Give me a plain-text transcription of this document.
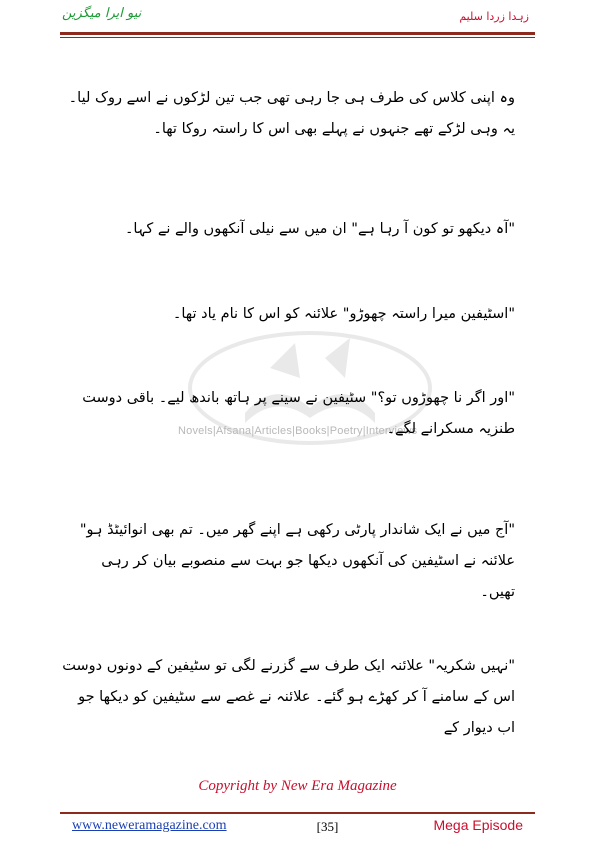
نیو ایرا میگزین	زہدا زردا سلیم
Novels|Afsana|Articles|Books|Poetry|Interviews
وہ اپنی کلاس کی طرف ہی جا رہی تھی جب تین لڑکوں نے اسے روک لیا۔ یہ وہی لڑکے تھے جنہوں نے پہلے بھی اس کا راستہ روکا تھا۔
"آہ دیکھو تو کون آ رہا ہے" ان میں سے نیلی آنکھوں والے نے کہا۔
"اسٹیفین میرا راستہ چھوڑو" علائنہ کو اس کا نام یاد تھا۔
"اور اگر نا چھوڑوں تو؟" سٹیفین نے سینے پر ہاتھ باندھ لیے۔ باقی دوست طنزیہ مسکرانے لگے۔
"آج میں نے ایک شاندار پارٹی رکھی ہے اپنے گھر میں۔ تم بھی انوائیٹڈ ہو" علائنہ نے اسٹیفین کی آنکھوں دیکھا جو بہت سے منصوبے بیان کر رہی تھیں۔
"نہیں شکریہ" علائنہ ایک طرف سے گزرنے لگی تو سٹیفین کے دونوں دوست اس کے سامنے آ کر کھڑے ہو گئے۔ علائنہ نے غصے سے سٹیفین کو دیکھا جو اب دیوار کے
Copyright by New Era Magazine
www.neweramagazine.com	[35]	Mega Episode
